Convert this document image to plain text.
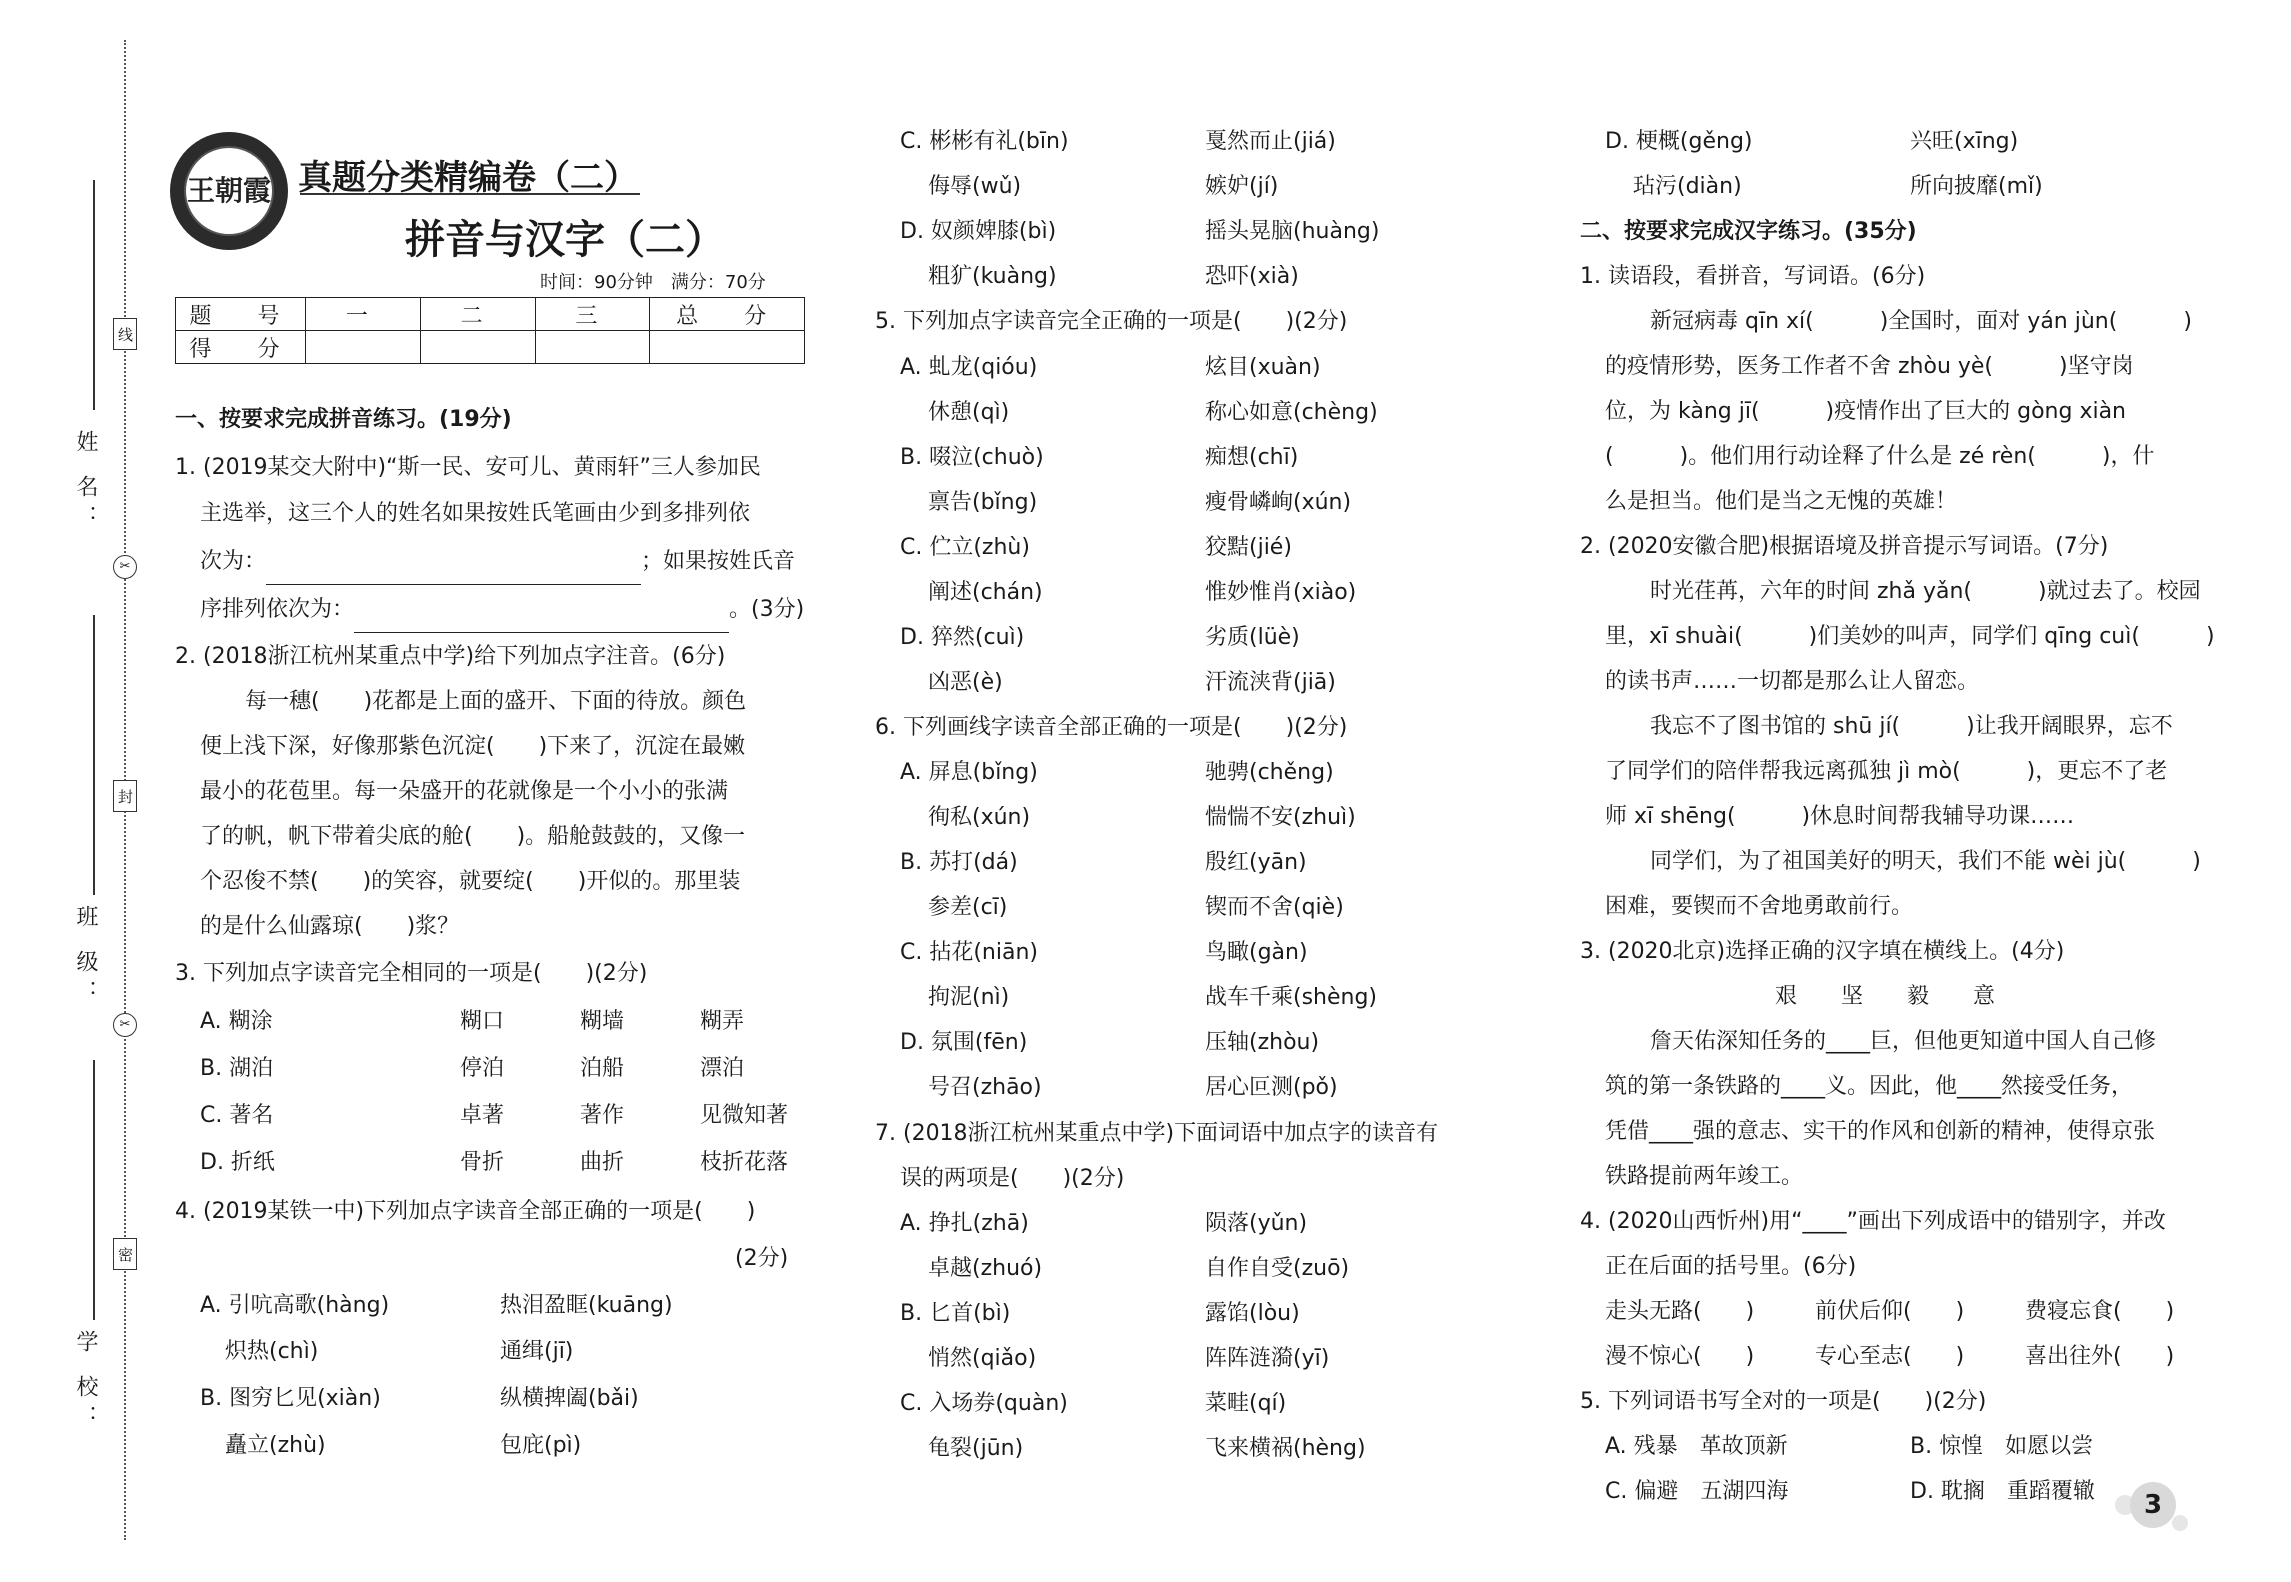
姓 名：
班 级：
学 校：
线
封
密
✂
✂
王朝霞 真题分类精编卷（二）
拼音与汉字（二）
时间：90分钟　满分：70分
题　号	一	二	三	总　分
得　分				
一、按要求完成拼音练习。(19分)
1. (2019某交大附中)“斯一民、安可儿、黄雨轩”三人参加民
主选举，这三个人的姓名如果按姓氏笔画由少到多排列依
次为：	；如果按姓氏音
序排列依次为：	。(3分)
2. (2018浙江杭州某重点中学)给下列加点字注音。(6分)
每一穗(　　)花都是上面的盛开、下面的待放。颜色
便上浅下深，好像那紫色沉淀(　　)下来了，沉淀在最嫩
最小的花苞里。每一朵盛开的花就像是一个小小的张满
了的帆，帆下带着尖底的舱(　　)。船舱鼓鼓的，又像一
个忍俊不禁(　　)的笑容，就要绽(　　)开似的。那里装
的是什么仙露琼(　　)浆？
3. 下列加点字读音完全相同的一项是(　　)(2分)
A. 糊涂	糊口	糊墙	糊弄
B. 湖泊	停泊	泊船	漂泊
C. 著名	卓著	著作	见微知著
D. 折纸	骨折	曲折	枝折花落
4. (2019某铁一中)下列加点字读音全部正确的一项是(　　)
(2分)
A. 引吭高歌(hàng)	热泪盈眶(kuāng)
炽热(chì)	通缉(jī)
B. 图穷匕见(xiàn)	纵横捭阖(bǎi)
矗立(zhù)	包庇(pì)
C. 彬彬有礼(bīn)	戛然而止(jiá)
侮辱(wǔ)	嫉妒(jí)
D. 奴颜婢膝(bì)	摇头晃脑(huàng)
粗犷(kuàng)	恐吓(xià)
5. 下列加点字读音完全正确的一项是(　　)(2分)
A. 虬龙(qióu)	炫目(xuàn)
休憩(qì)	称心如意(chèng)
B. 啜泣(chuò)	痴想(chī)
禀告(bǐng)	瘦骨嶙峋(xún)
C. 伫立(zhù)	狡黠(jié)
阐述(chán)	惟妙惟肖(xiào)
D. 猝然(cuì)	劣质(lüè)
凶恶(è)	汗流浃背(jiā)
6. 下列画线字读音全部正确的一项是(　　)(2分)
A. 屏息(bǐng)	驰骋(chěng)
徇私(xún)	惴惴不安(zhuì)
B. 苏打(dá)	殷红(yān)
参差(cī)	锲而不舍(qiè)
C. 拈花(niān)	鸟瞰(gàn)
拘泥(nì)	战车千乘(shèng)
D. 氛围(fēn)	压轴(zhòu)
号召(zhāo)	居心叵测(pǒ)
7. (2018浙江杭州某重点中学)下面词语中加点字的读音有
误的两项是(　　)(2分)
A. 挣扎(zhā)	陨落(yǔn)
卓越(zhuó)	自作自受(zuō)
B. 匕首(bì)	露馅(lòu)
悄然(qiǎo)	阵阵涟漪(yī)
C. 入场券(quàn)	菜畦(qí)
龟裂(jūn)	飞来横祸(hèng)
D. 梗概(gěng)	兴旺(xīng)
玷污(diàn)	所向披靡(mǐ)
二、按要求完成汉字练习。(35分)
1. 读语段，看拼音，写词语。(6分)
新冠病毒 qīn xí(　　　)全国时，面对 yán jùn(　　　)
的疫情形势，医务工作者不舍 zhòu yè(　　　)坚守岗
位，为 kàng jī(　　　)疫情作出了巨大的 gòng xiàn
(　　　)。他们用行动诠释了什么是 zé rèn(　　　)，什
么是担当。他们是当之无愧的英雄！
2. (2020安徽合肥)根据语境及拼音提示写词语。(7分)
时光荏苒，六年的时间 zhǎ yǎn(　　　)就过去了。校园
里，xī shuài(　　　)们美妙的叫声，同学们 qīng cuì(　　　)
的读书声……一切都是那么让人留恋。
我忘不了图书馆的 shū jí(　　　)让我开阔眼界，忘不
了同学们的陪伴帮我远离孤独 jì mò(　　　)，更忘不了老
师 xī shēng(　　　)休息时间帮我辅导功课……
同学们，为了祖国美好的明天，我们不能 wèi jù(　　　)
困难，要锲而不舍地勇敢前行。
3. (2020北京)选择正确的汉字填在横线上。(4分)
艰　　坚　　毅　　意
詹天佑深知任务的____巨，但他更知道中国人自己修
筑的第一条铁路的____义。因此，他____然接受任务，
凭借____强的意志、实干的作风和创新的精神，使得京张
铁路提前两年竣工。
4. (2020山西忻州)用“____”画出下列成语中的错别字，并改
正在后面的括号里。(6分)
走头无路(　　)	前伏后仰(　　)	费寝忘食(　　)
漫不惊心(　　)	专心至志(　　)	喜出往外(　　)
5. 下列词语书写全对的一项是(　　)(2分)
A. 残暴　革故顶新	B. 惊惶　如愿以尝
C. 偏避　五湖四海	D. 耽搁　重蹈覆辙	3
